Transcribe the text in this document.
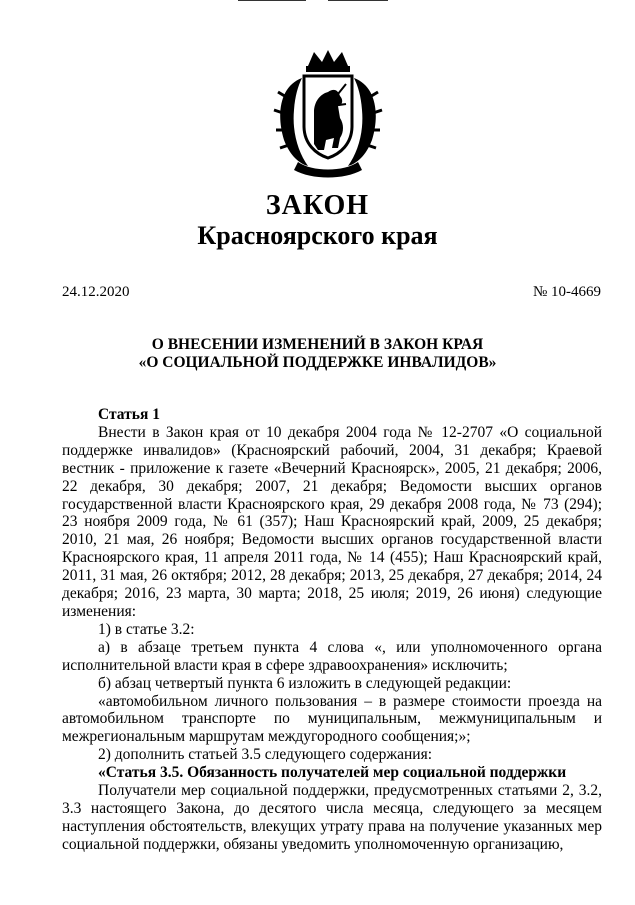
ЗАКОН
Красноярского края
24.12.2020	№ 10-4669
О ВНЕСЕНИИ ИЗМЕНЕНИЙ В ЗАКОН КРАЯ
«О СОЦИАЛЬНОЙ ПОДДЕРЖКЕ ИНВАЛИДОВ»

Статья 1

Внести в Закон края от 10 декабря 2004 года № 12-2707 «О социальной поддержке инвалидов» (Красноярский рабочий, 2004, 31 декабря; Краевой вестник - приложение к газете «Вечерний Красноярск», 2005, 21 декабря; 2006, 22 декабря, 30 декабря; 2007, 21 декабря; Ведомости высших органов государственной власти Красноярского края, 29 декабря 2008 года, № 73 (294); 23 ноября 2009 года, № 61 (357); Наш Красноярский край, 2009, 25 декабря; 2010, 21 мая, 26 ноября; Ведомости высших органов государственной власти Красноярского края, 11 апреля 2011 года, № 14 (455); Наш Красноярский край, 2011, 31 мая, 26 октября; 2012, 28 декабря; 2013, 25 декабря, 27 декабря; 2014, 24 декабря; 2016, 23 марта, 30 марта; 2018, 25 июля; 2019, 26 июня) следующие изменения:

1) в статье 3.2:

а) в абзаце третьем пункта 4 слова «, или уполномоченного органа исполнительной власти края в сфере здравоохранения» исключить;

б) абзац четвертый пункта 6 изложить в следующей редакции:

«автомобильном личного пользования – в размере стоимости проезда на автомобильном транспорте по муниципальным, межмуниципальным и межрегиональным маршрутам междугородного сообщения;»;

2) дополнить статьей 3.5 следующего содержания:

«Статья 3.5. Обязанность получателей мер социальной поддержки

Получатели мер социальной поддержки, предусмотренных статьями 2, 3.2, 3.3 настоящего Закона, до десятого числа месяца, следующего за месяцем наступления обстоятельств, влекущих утрату права на получение указанных мер социальной поддержки, обязаны уведомить уполномоченную организацию,
